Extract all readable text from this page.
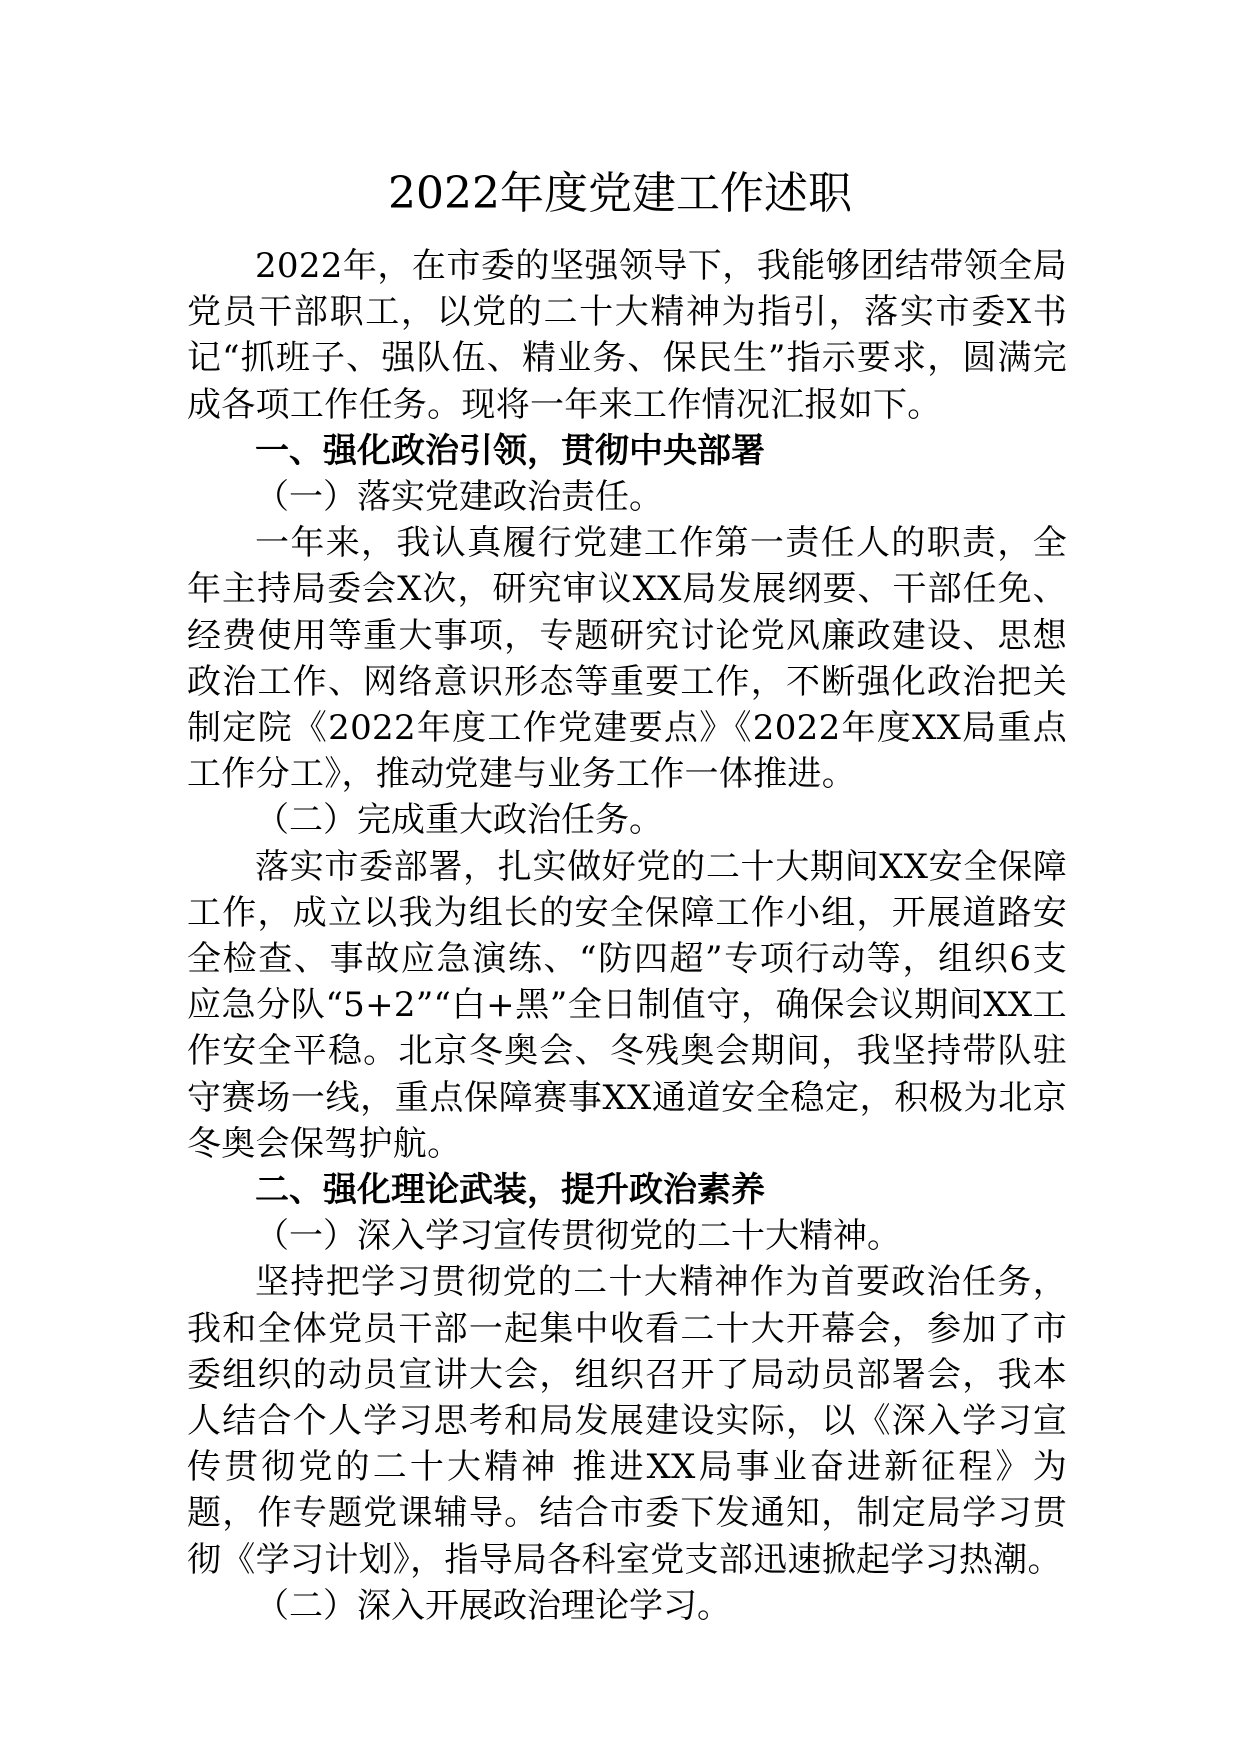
2022年度党建工作述职

2022年，在市委的坚强领导下，我能够团结带领全局党员干部职工，以党的二十大精神为指引，落实市委X书记“抓班子、强队伍、精业务、保民生”指示要求，圆满完成各项工作任务。现将一年来工作情况汇报如下。

一、强化政治引领，贯彻中央部署

（一）落实党建政治责任。

一年来，我认真履行党建工作第一责任人的职责，全年主持局委会X次，研究审议XX局发展纲要、干部任免、经费使用等重大事项，专题研究讨论党风廉政建设、思想政治工作、网络意识形态等重要工作，不断强化政治把关制定院《2022年度工作党建要点》《2022年度XX局重点工作分工》，推动党建与业务工作一体推进。

（二）完成重大政治任务。

落实市委部署，扎实做好党的二十大期间XX安全保障工作，成立以我为组长的安全保障工作小组，开展道路安全检查、事故应急演练、“防四超”专项行动等，组织6支应急分队“5+2”“白+黑”全日制值守，确保会议期间XX工作安全平稳。北京冬奥会、冬残奥会期间，我坚持带队驻守赛场一线，重点保障赛事XX通道安全稳定，积极为北京冬奥会保驾护航。

二、强化理论武装，提升政治素养

（一）深入学习宣传贯彻党的二十大精神。

坚持把学习贯彻党的二十大精神作为首要政治任务，我和全体党员干部一起集中收看二十大开幕会，参加了市委组织的动员宣讲大会，组织召开了局动员部署会，我本人结合个人学习思考和局发展建设实际，以《深入学习宣传贯彻党的二十大精神 推进XX局事业奋进新征程》为题，作专题党课辅导。结合市委下发通知，制定局学习贯彻《学习计划》，指导局各科室党支部迅速掀起学习热潮。

（二）深入开展政治理论学习。
